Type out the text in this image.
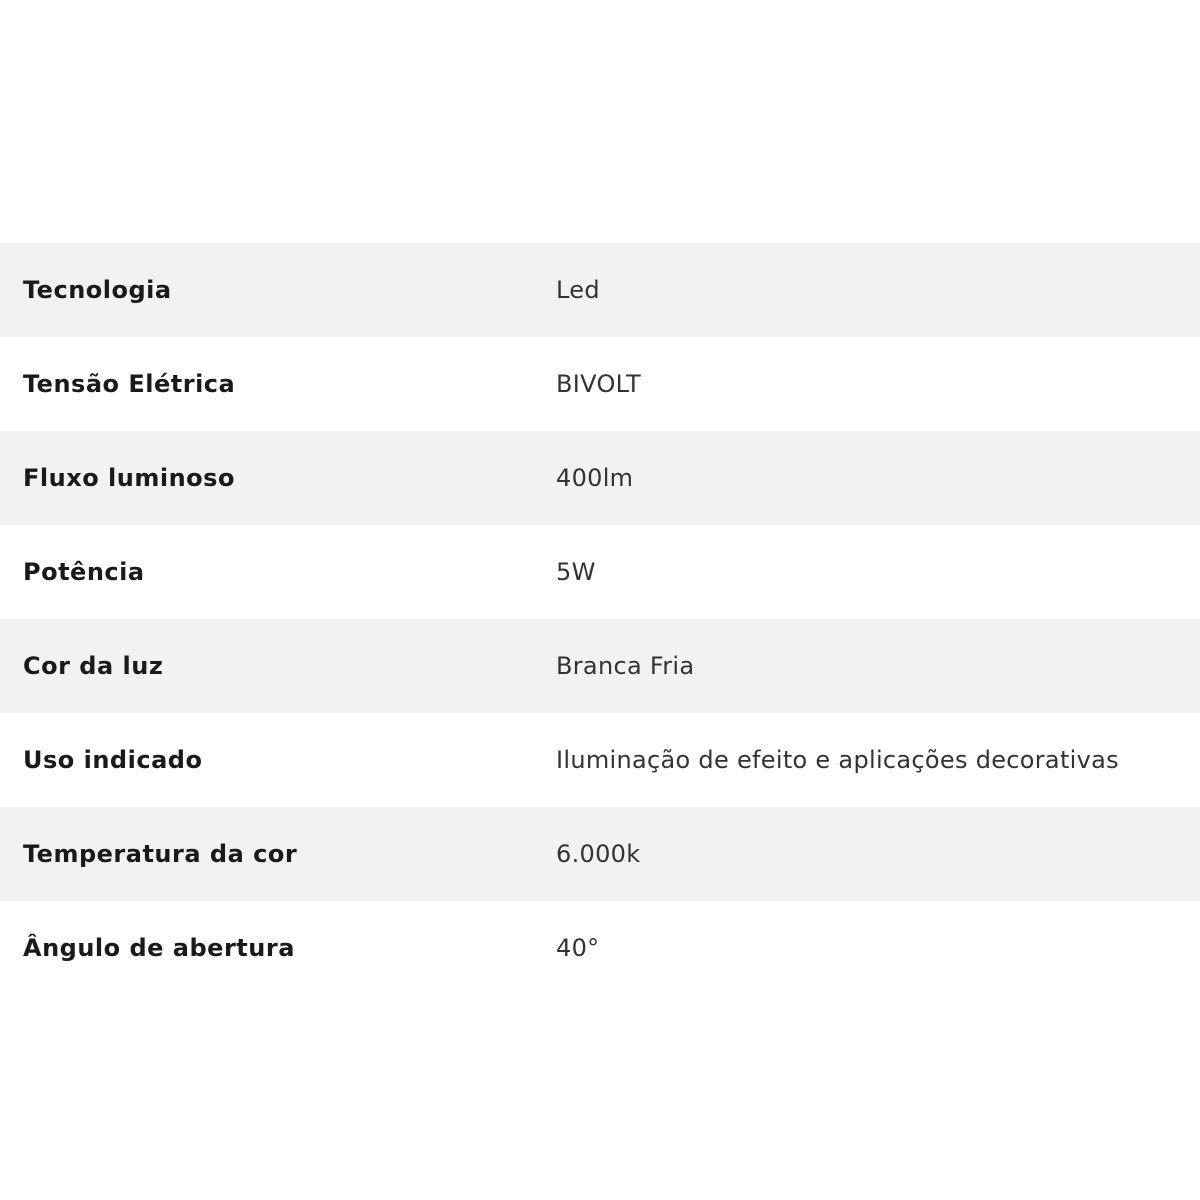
Tecnologia	Led
Tensão Elétrica	BIVOLT
Fluxo luminoso	400lm
Potência	5W
Cor da luz	Branca Fria
Uso indicado	Iluminação de efeito e aplicações decorativas
Temperatura da cor	6.000k
Ângulo de abertura	40°
